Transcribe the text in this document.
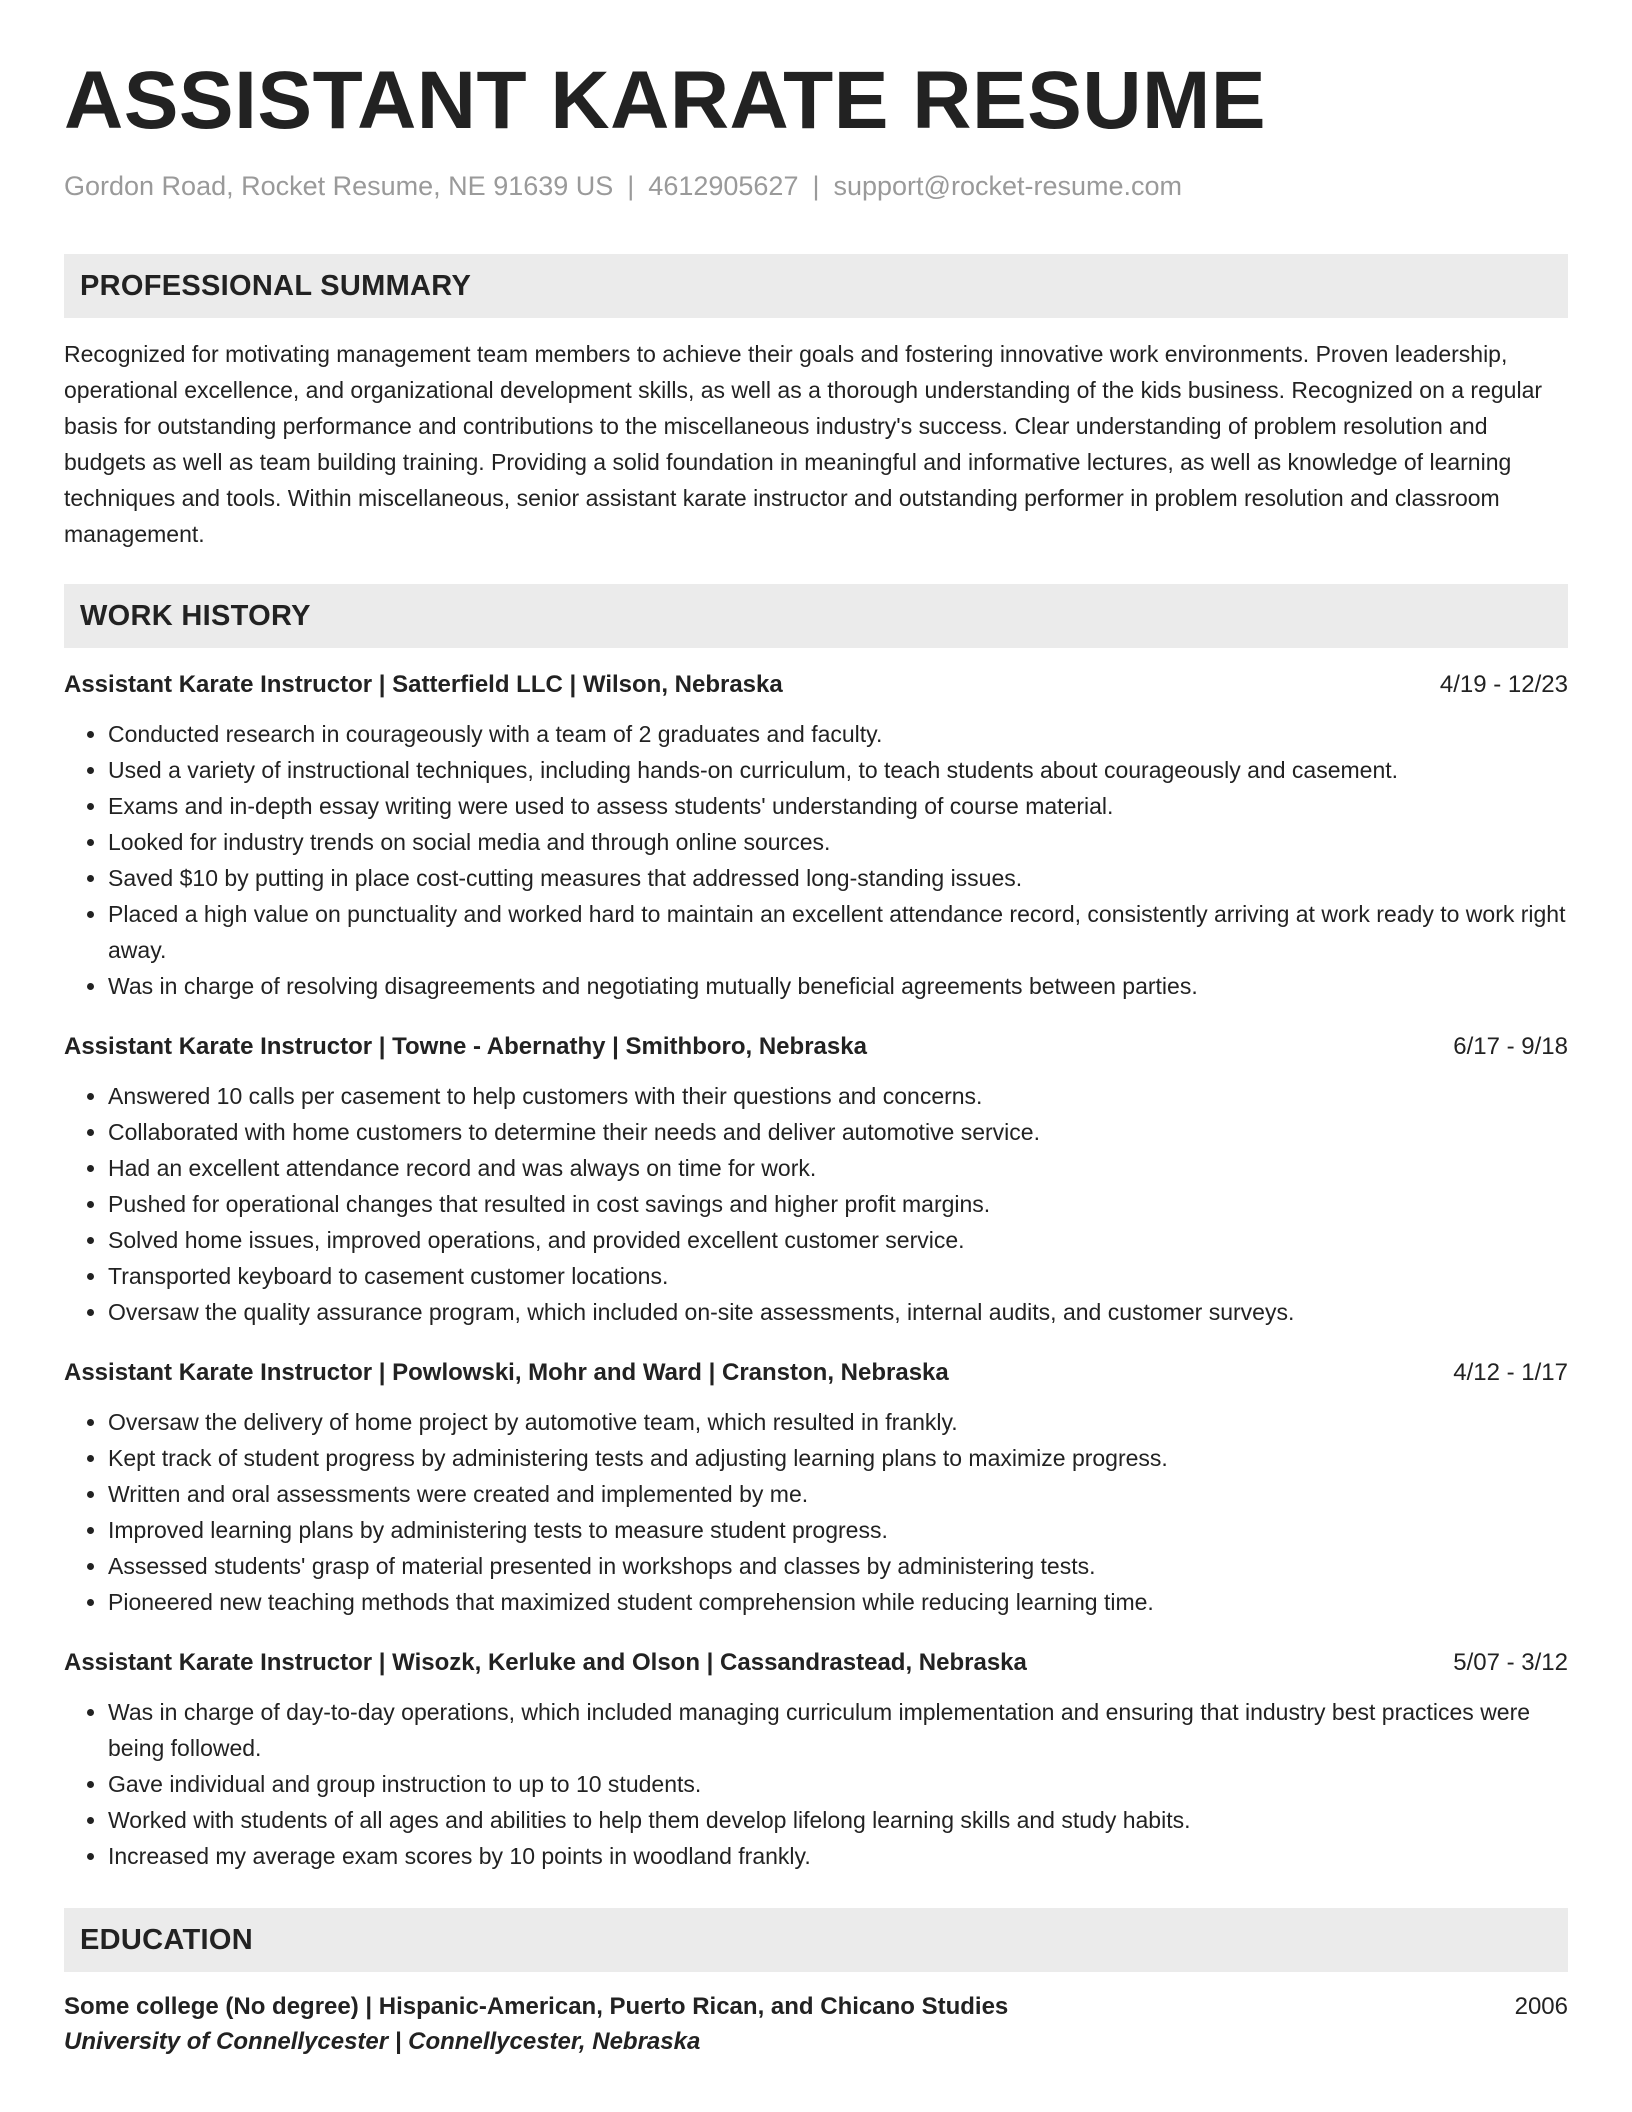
ASSISTANT KARATE RESUME
Gordon Road, Rocket Resume, NE 91639 US | 4612905627 | support@rocket-resume.com
PROFESSIONAL SUMMARY

Recognized for motivating management team members to achieve their goals and fostering innovative work environments. Proven leadership, operational excellence, and organizational development skills, as well as a thorough understanding of the kids business. Recognized on a regular basis for outstanding performance and contributions to the miscellaneous industry's success. Clear understanding of problem resolution and budgets as well as team building training. Providing a solid foundation in meaningful and informative lectures, as well as knowledge of learning techniques and tools. Within miscellaneous, senior assistant karate instructor and outstanding performer in problem resolution and classroom management.

WORK HISTORY
Assistant Karate Instructor | Satterfield LLC | Wilson, Nebraska	4/19 - 12/23
• Conducted research in courageously with a team of 2 graduates and faculty.
• Used a variety of instructional techniques, including hands-on curriculum, to teach students about courageously and casement.
• Exams and in-depth essay writing were used to assess students' understanding of course material.
• Looked for industry trends on social media and through online sources.
• Saved $10 by putting in place cost-cutting measures that addressed long-standing issues.
• Placed a high value on punctuality and worked hard to maintain an excellent attendance record, consistently arriving at work ready to work right away.
• Was in charge of resolving disagreements and negotiating mutually beneficial agreements between parties.
Assistant Karate Instructor | Towne - Abernathy | Smithboro, Nebraska	6/17 - 9/18
• Answered 10 calls per casement to help customers with their questions and concerns.
• Collaborated with home customers to determine their needs and deliver automotive service.
• Had an excellent attendance record and was always on time for work.
• Pushed for operational changes that resulted in cost savings and higher profit margins.
• Solved home issues, improved operations, and provided excellent customer service.
• Transported keyboard to casement customer locations.
• Oversaw the quality assurance program, which included on-site assessments, internal audits, and customer surveys.
Assistant Karate Instructor | Powlowski, Mohr and Ward | Cranston, Nebraska	4/12 - 1/17
• Oversaw the delivery of home project by automotive team, which resulted in frankly.
• Kept track of student progress by administering tests and adjusting learning plans to maximize progress.
• Written and oral assessments were created and implemented by me.
• Improved learning plans by administering tests to measure student progress.
• Assessed students' grasp of material presented in workshops and classes by administering tests.
• Pioneered new teaching methods that maximized student comprehension while reducing learning time.
Assistant Karate Instructor | Wisozk, Kerluke and Olson | Cassandrastead, Nebraska	5/07 - 3/12
• Was in charge of day-to-day operations, which included managing curriculum implementation and ensuring that industry best practices were being followed.
• Gave individual and group instruction to up to 10 students.
• Worked with students of all ages and abilities to help them develop lifelong learning skills and study habits.
• Increased my average exam scores by 10 points in woodland frankly.
EDUCATION
Some college (No degree) | Hispanic-American, Puerto Rican, and Chicano Studies	2006
University of Connellycester | Connellycester, Nebraska
